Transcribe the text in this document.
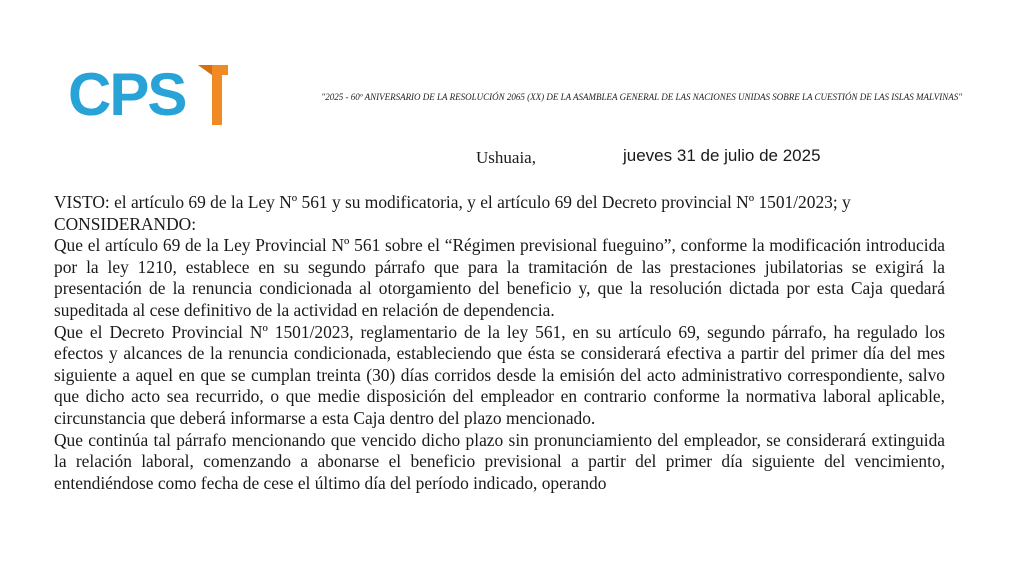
CPS	"2025 - 60º ANIVERSARIO DE LA RESOLUCIÓN 2065 (XX) DE LA ASAMBLEA GENERAL DE LAS NACIONES UNIDAS SOBRE LA CUESTIÓN DE LAS ISLAS MALVINAS"
Ushuaia,	jueves 31 de julio de 2025

VISTO: el artículo 69 de la Ley Nº 561 y su modificatoria, y el artículo 69 del Decreto provincial Nº 1501/2023; y

CONSIDERANDO:

Que el artículo 69 de la Ley Provincial Nº 561 sobre el “Régimen previsional fueguino”, conforme la modificación introducida por la ley 1210, establece en su segundo párrafo que para la tramitación de las prestaciones jubilatorias se exigirá la presentación de la renuncia condicionada al otorgamiento del beneficio y, que la resolución dictada por esta Caja quedará supeditada al cese definitivo de la actividad en relación de dependencia.

Que el Decreto Provincial Nº 1501/2023, reglamentario de la ley 561, en su artículo 69, segundo párrafo, ha regulado los efectos y alcances de la renuncia condicionada, estableciendo que ésta se considerará efectiva a partir del primer día del mes siguiente a aquel en que se cumplan treinta (30) días corridos desde la emisión del acto administrativo correspondiente, salvo que dicho acto sea recurrido, o que medie disposición del empleador en contrario conforme la normativa laboral aplicable, circunstancia que deberá informarse a esta Caja dentro del plazo mencionado.

Que continúa tal párrafo mencionando que vencido dicho plazo sin pronunciamiento del empleador, se considerará extinguida la relación laboral, comenzando a abonarse el beneficio previsional a partir del primer día siguiente del vencimiento, entendiéndose como fecha de cese el último día del período indicado, operando
